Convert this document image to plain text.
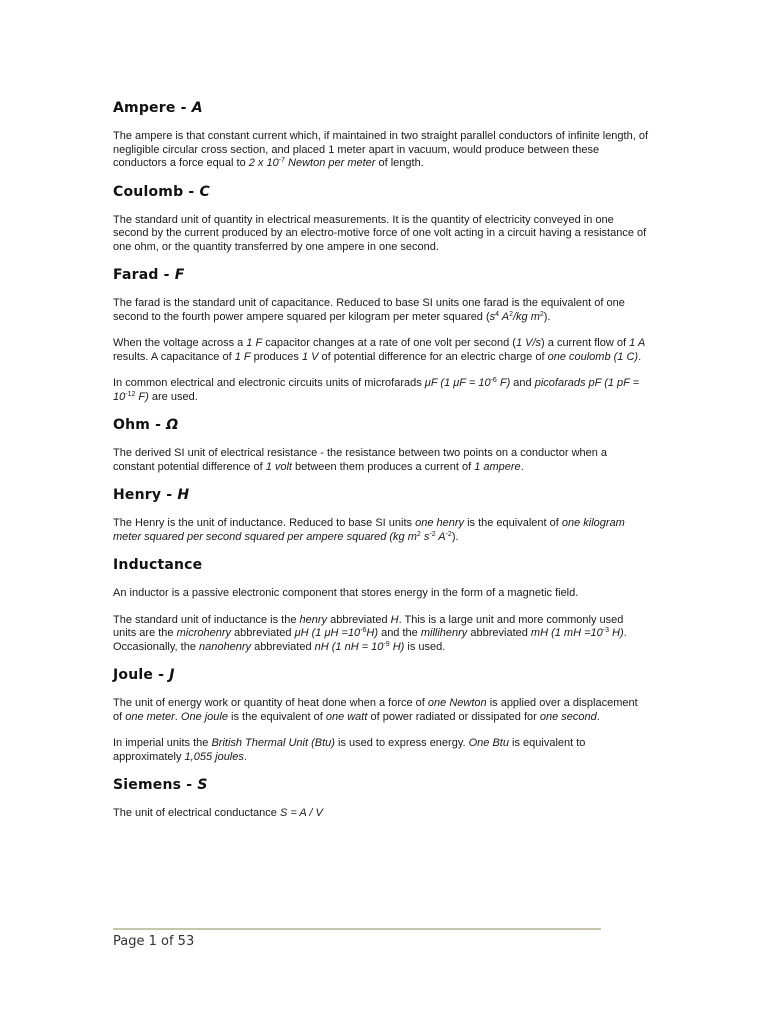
Ampere - A

The ampere is that constant current which, if maintained in two straight parallel conductors of infinite length, of negligible circular cross section, and placed 1 meter apart in vacuum, would produce between these conductors a force equal to 2 x $10^{-7}$ Newton per meter of length.

Coulomb - C

The standard unit of quantity in electrical measurements. It is the quantity of electricity conveyed in one second by the current produced by an electro-motive force of one volt acting in a circuit having a resistance of one ohm, or the quantity transferred by one ampere in one second.

Farad - F

The farad is the standard unit of capacitance. Reduced to base SI units one farad is the equivalent of one second to the fourth power ampere squared per kilogram per meter squared ($s^4$ $A^2/kg$ $m^2$).

When the voltage across a 1 F capacitor changes at a rate of one volt per second (1 V/s) a current flow of 1 A results. A capacitance of 1 F produces 1 V of potential difference for an electric charge of one coulomb (1 C).

In common electrical and electronic circuits units of microfarads μF (1 $\mu F = 10^{-6}$ F) and picofarads pF (1 pF = $10^{-12}$ F) are used.

Ohm - Ω

The derived SI unit of electrical resistance - the resistance between two points on a conductor when a constant potential difference of 1 volt between them produces a current of 1 ampere.

Henry - H

The Henry is the unit of inductance. Reduced to base SI units one henry is the equivalent of one kilogram meter squared per second squared per ampere squared (kg $m^2$ $s^{-2}$ $A^{-2}$).

Inductance

An inductor is a passive electronic component that stores energy in the form of a magnetic field.

The standard unit of inductance is the henry abbreviated H. This is a large unit and more commonly used units are the microhenry abbreviated μH (1 $\mu H =10^{-6}H$) and the millihenry abbreviated mH (1 mH $=10^{-3}$ H). Occasionally, the nanohenry abbreviated nH (1 nH = $10^{-9}$ H) is used.

Joule - J

The unit of energy work or quantity of heat done when a force of one Newton is applied over a displacement of one meter. One joule is the equivalent of one watt of power radiated or dissipated for one second.

In imperial units the British Thermal Unit (Btu) is used to express energy. One Btu is equivalent to approximately 1,055 joules.

Siemens - S

The unit of electrical conductance S = A / V

Page 1 of 53
